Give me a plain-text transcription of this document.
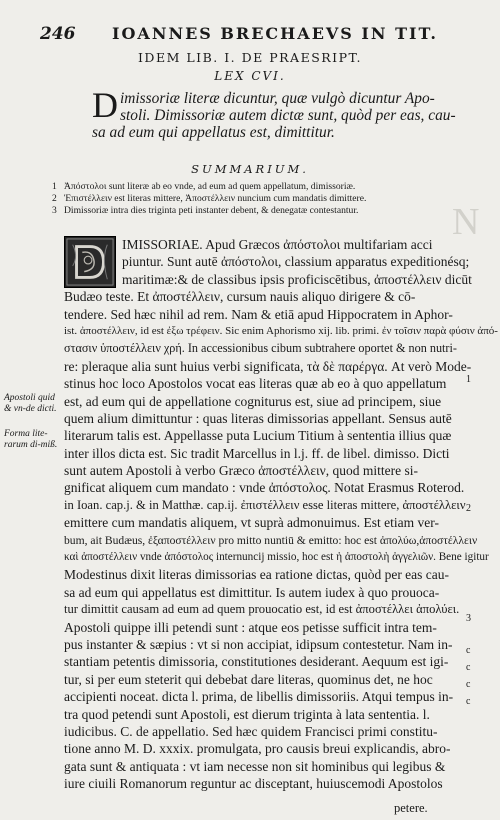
246 IOANNES BRECHAEVS IN TIT.
IDEM LIB. I. DE PRAESRIPT.
LEX CVI.
D imissoriæ literæ dicuntur, quæ vulgò dicuntur Apo-
stoli. Dimissoriæ autem dictæ sunt, quòd per eas, cau-
sa ad eum qui appellatus est, dimittitur.
SUMMARIUM.
1 Ἀπόστολοι sunt literæ ab eo vnde, ad eum ad quem appellatum, dimissoriæ.
2 Ἐπιστέλλειν est literas mittere, Ἀποστέλλειν nuncium cum mandatis dimittere.
3 Dimissoriæ intra dies triginta peti instanter debent, & denegatæ contestantur. N
IMISSORIAE. Apud Græcos ἀπόστολοι multifariam acci
piuntur. Sunt autē ἀπόστολοι, classium apparatus expeditionésq;
maritimæ:& de classibus ipsis proficiscētibus, ἀποστέλλειν dicūt
Budæo teste. Et ἀποστέλλειν, cursum nauis aliquo dirigere & cō-
tendere. Sed hæc nihil ad rem. Nam & etiā apud Hippocratem in Aphor-
ist. ἀποστέλλειν, id est ἐξω τρέφειν. Sic enim Aphorismo xij. lib. primi. ἐν τοῖσιν παρὰ φύσιν ἀπό-
στασιν ὑποστέλλειν χρή. In accessionibus cibum subtrahere oportet & non nutri-
re: pleraque alia sunt huius verbi significata, τὰ δὲ παρέργα. At verò Mode-
stinus hoc loco Apostolos vocat eas literas quæ ab eo à quo appellatum
est, ad eum qui de appellatione cogniturus est, siue ad principem, siue
quem alium dimittuntur : quas literas dimissorias appellant. Sensus autē
literarum talis est. Appellasse puta Lucium Titium à sententia illius quæ
inter illos dicta est. Sic tradit Marcellus in l.j. ff. de libel. dimisso. Dicti
sunt autem Apostoli à verbo Græco ἀποστέλλειν, quod mittere si-
gnificat aliquem cum mandato : vnde ἀπόστολος. Notat Erasmus Roterod.
in Ioan. cap.j. & in Matthæ. cap.ij. ἐπιστέλλειν esse literas mittere, ἀποστέλλειν
emittere cum mandatis aliquem, vt suprà admonuimus. Est etiam ver-
bum, ait Budæus, ἐξαποστέλλειν pro mitto nuntiū & emitto: hoc est ἀπολύω,ἀποστέλλειν
καὶ ἀποστέλλειν vnde ἀπόστολος internuncij missio, hoc est ἡ ἀποστολὴ ἀγγελιῶν. Bene igitur
Modestinus dixit literas dimissorias ea ratione dictas, quòd per eas cau-
sa ad eum qui appellatus est dimittitur. Is autem iudex à quo prouoca-
tur dimittit causam ad eum ad quem prouocatio est, id est ἀποστέλλει ἀπολύει.
Apostoli quippe illi petendi sunt : atque eos petisse sufficit intra tem-
pus instanter & sæpius : vt si non accipiat, idipsum contestetur. Nam in-
stantiam petentis dimissoria, constitutiones desiderant. Aequum est igi-
tur, si per eum steterit qui debebat dare literas, quominus det, ne hoc
accipienti noceat. dicta l. prima, de libellis dimissoriis. Atqui tempus in-
tra quod petendi sunt Apostoli, est dierum triginta à lata sententia. l.
iudicibus. C. de appellatio. Sed hæc quidem Francisci primi constitu-
tione anno M. D. xxxix. promulgata, pro causis breui explicandis, abro-
gata sunt & antiquata : vt iam necesse non sit hominibus qui legibus &
iure ciuili Romanorum reguntur ac disceptant, huiuscemodi Apostolos
Apostoli quid & vn-de dicti.
Forma lite-rarum di-miß.
1
2
3
c
c
c
c
petere.
